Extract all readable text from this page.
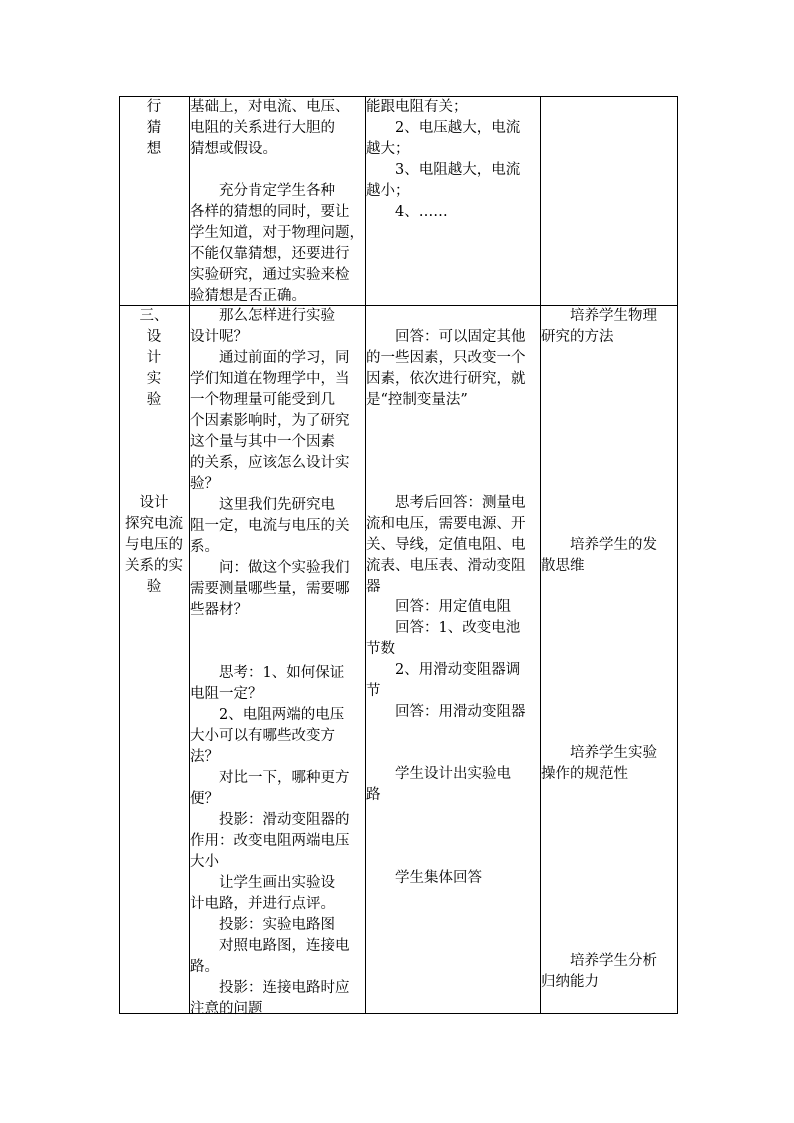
行
猜
想
基础上，对电流、电压、
电阻的关系进行大胆的
猜想或假设。

　　充分肯定学生各种
各样的猜想的同时，要让
学生知道，对于物理问题，
不能仅靠猜想，还要进行
实验研究，通过实验来检
验猜想是否正确。
能跟电阻有关；
　　2、电压越大，电流
越大；
　　3、电阻越大，电流
越小；
　　4、……
三、
设
计
实
验
设计
探究电流
与电压的
关系的实
验
　　那么怎样进行实验
设计呢？
　　通过前面的学习，同
学们知道在物理学中，当
一个物理量可能受到几
个因素影响时，为了研究
这个量与其中一个因素
的关系，应该怎么设计实
验？
　　这里我们先研究电
阻一定，电流与电压的关
系。
　　问：做这个实验我们
需要测量哪些量，需要哪
些器材？

　　思考：1、如何保证
电阻一定？
　　2、电阻两端的电压
大小可以有哪些改变方
法？
　　对比一下，哪种更方
便？
　　投影：滑动变阻器的
作用：改变电阻两端电压
大小
　　让学生画出实验设
计电路，并进行点评。
　　投影：实验电路图
　　对照电路图，连接电
路。
　　投影：连接电路时应
注意的问题
　　回答：可以固定其他
的一些因素，只改变一个
因素，依次进行研究，就
是“控制变量法”
　　思考后回答：测量电
流和电压，需要电源、开
关、导线，定值电阻、电
流表、电压表、滑动变阻
器
　　回答：用定值电阻
　　回答：1、改变电池
节数
　　2、用滑动变阻器调
节
　　回答：用滑动变阻器
　　学生设计出实验电
路
　　学生集体回答
　　培养学生物理
研究的方法
　　培养学生的发
散思维
　　培养学生实验
操作的规范性
　　培养学生分析
归纳能力
